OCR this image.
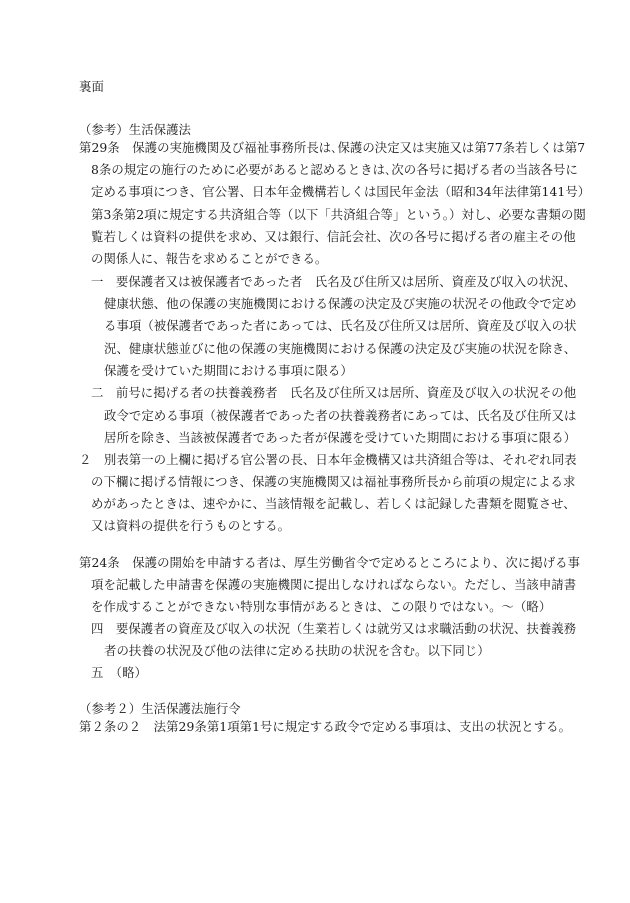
裏面
（参考）生活保護法
第29条　保護の実施機関及び福祉事務所長は､保護の決定又は実施又は第77条若しくは第7
8条の規定の施行のために必要があると認めるときは､次の各号に掲げる者の当該各号に
定める事項につき、官公署、日本年金機構若しくは国民年金法（昭和34年法律第141号）
第3条第2項に規定する共済組合等（以下「共済組合等」という。）対し、必要な書類の閲
覧若しくは資料の提供を求め、又は銀行、信託会社、次の各号に掲げる者の雇主その他
の関係人に、報告を求めることができる。
一　要保護者又は被保護者であった者　氏名及び住所又は居所、資産及び収入の状況、
健康状態、他の保護の実施機関における保護の決定及び実施の状況その他政令で定め
る事項（被保護者であった者にあっては、氏名及び住所又は居所、資産及び収入の状
況、健康状態並びに他の保護の実施機関における保護の決定及び実施の状況を除き、
保護を受けていた期間における事項に限る）
二　前号に掲げる者の扶養義務者　氏名及び住所又は居所、資産及び収入の状況その他
政令で定める事項（被保護者であった者の扶養義務者にあっては、氏名及び住所又は
居所を除き、当該被保護者であった者が保護を受けていた期間における事項に限る）
２　別表第一の上欄に掲げる官公署の長、日本年金機構又は共済組合等は、それぞれ同表
の下欄に掲げる情報につき、保護の実施機関又は福祉事務所長から前項の規定による求
めがあったときは、速やかに、当該情報を記載し、若しくは記録した書類を閲覧させ、
又は資料の提供を行うものとする。
第24条　保護の開始を申請する者は、厚生労働省令で定めるところにより、次に掲げる事
項を記載した申請書を保護の実施機関に提出しなければならない。ただし、当該申請書
を作成することができない特別な事情があるときは、この限りではない。～（略）
四　要保護者の資産及び収入の状況（生業若しくは就労又は求職活動の状況、扶養義務
者の扶養の状況及び他の法律に定める扶助の状況を含む。以下同じ）
五　（略）
（参考２）生活保護法施行令
第２条の２　法第29条第1項第1号に規定する政令で定める事項は、支出の状況とする。
